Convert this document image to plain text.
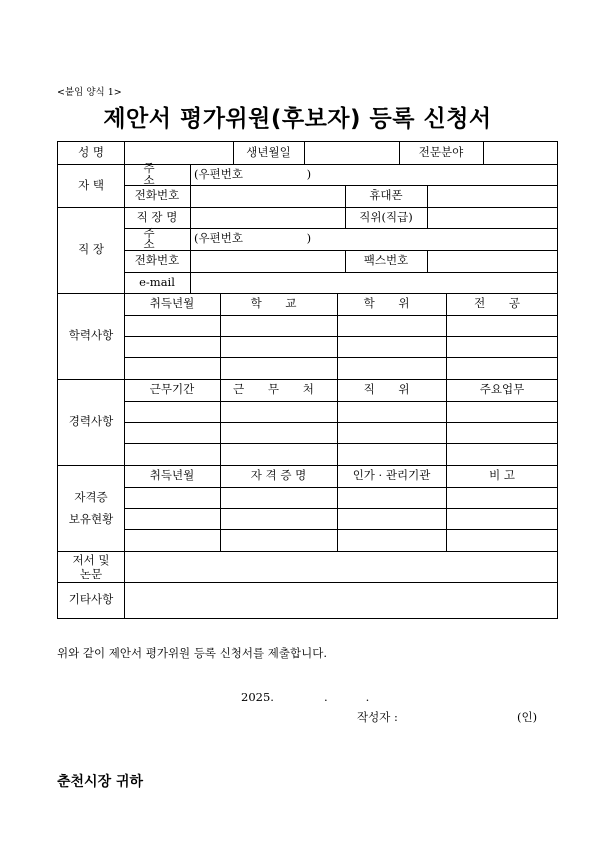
<붙임 양식 1>
제안서 평가위원(후보자) 등록 신청서
성 명	생년월일	전문분야
자 택
주 소	(우편번호 )
전화번호	휴대폰
직 장
직 장 명	직위(직급)
주 소	(우편번호 )
전화번호	팩스번호
e-mail
학력사항
취득년월	학 교	학 위	전 공
경력사항
근무기간	근 무 처	직 위	주요업무
자격증
보유현황
취득년월	자 격 증 명	인가 · 관리기관	비 고
저서 및
논문
기타사항
위와 같이 제안서 평가위원 등록 신청서를 제출합니다.
2025.	.	.
작성자 :	(인)
춘천시장 귀하
